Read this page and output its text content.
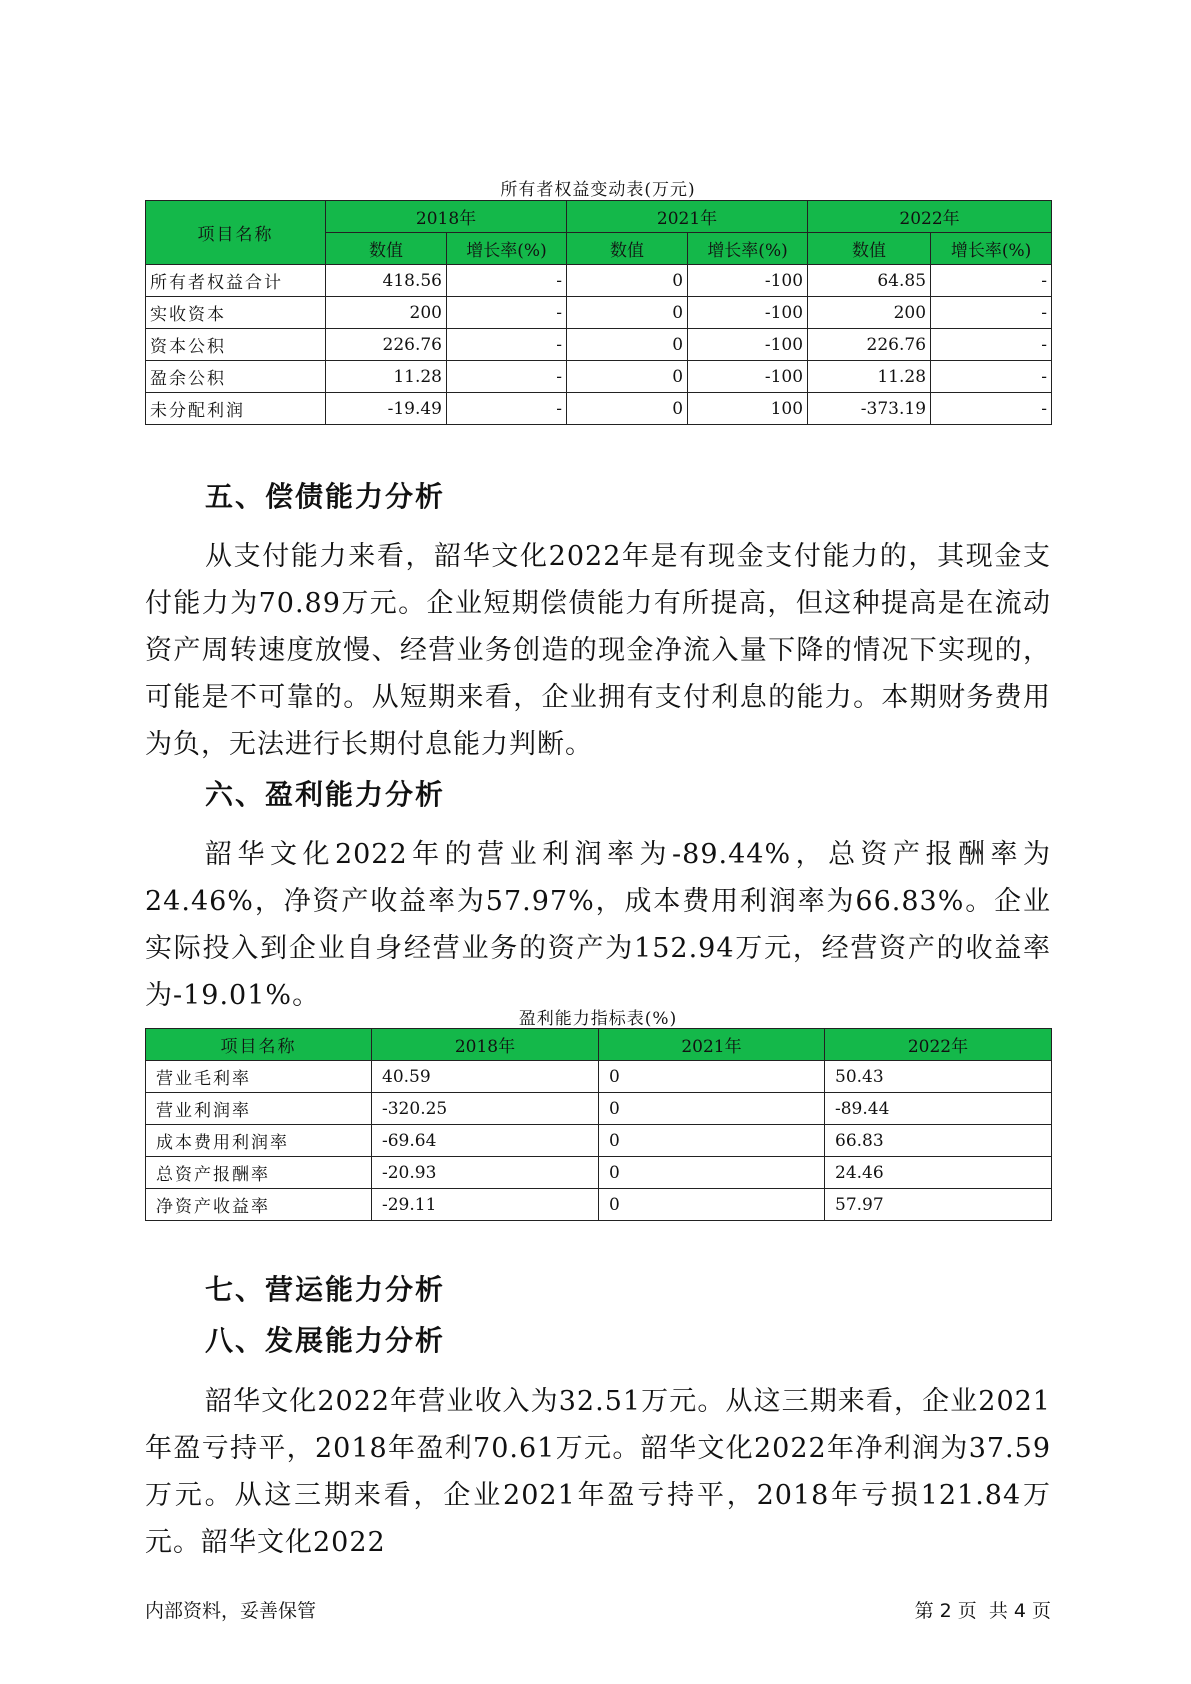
所有者权益变动表(万元)
项目名称	2018年		2021年		2022年	
	数值	增长率(%)	数值	增长率(%)	数值	增长率(%)
所有者权益合计	418.56	-	0	-100	64.85	-
实收资本	200	-	0	-100	200	-
资本公积	226.76	-	0	-100	226.76	-
盈余公积	11.28	-	0	-100	11.28	-
未分配利润	-19.49	-	0	100	-373.19	-
五、偿债能力分析
从支付能力来看，韶华文化2022年是有现金支付能力的，其现金支付能力为70.89万元。企业短期偿债能力有所提高，但这种提高是在流动资产周转速度放慢、经营业务创造的现金净流入量下降的情况下实现的，可能是不可靠的。从短期来看，企业拥有支付利息的能力。本期财务费用为负，无法进行长期付息能力判断。
六、盈利能力分析
韶华文化2022年的营业利润率为-89.44%，总资产报酬率为24.46%，净资产收益率为57.97%，成本费用利润率为66.83%。企业实际投入到企业自身经营业务的资产为152.94万元，经营资产的收益率为-19.01%。
盈利能力指标表(%)
项目名称	2018年	2021年	2022年
营业毛利率	40.59	0	50.43
营业利润率	-320.25	0	-89.44
成本费用利润率	-69.64	0	66.83
总资产报酬率	-20.93	0	24.46
净资产收益率	-29.11	0	57.97
七、营运能力分析
八、发展能力分析
韶华文化2022年营业收入为32.51万元。从这三期来看，企业2021年盈亏持平，2018年盈利70.61万元。韶华文化2022年净利润为37.59万元。从这三期来看，企业2021年盈亏持平，2018年亏损121.84万元。韶华文化2022
内部资料，妥善保管	第 2 页  共 4 页
